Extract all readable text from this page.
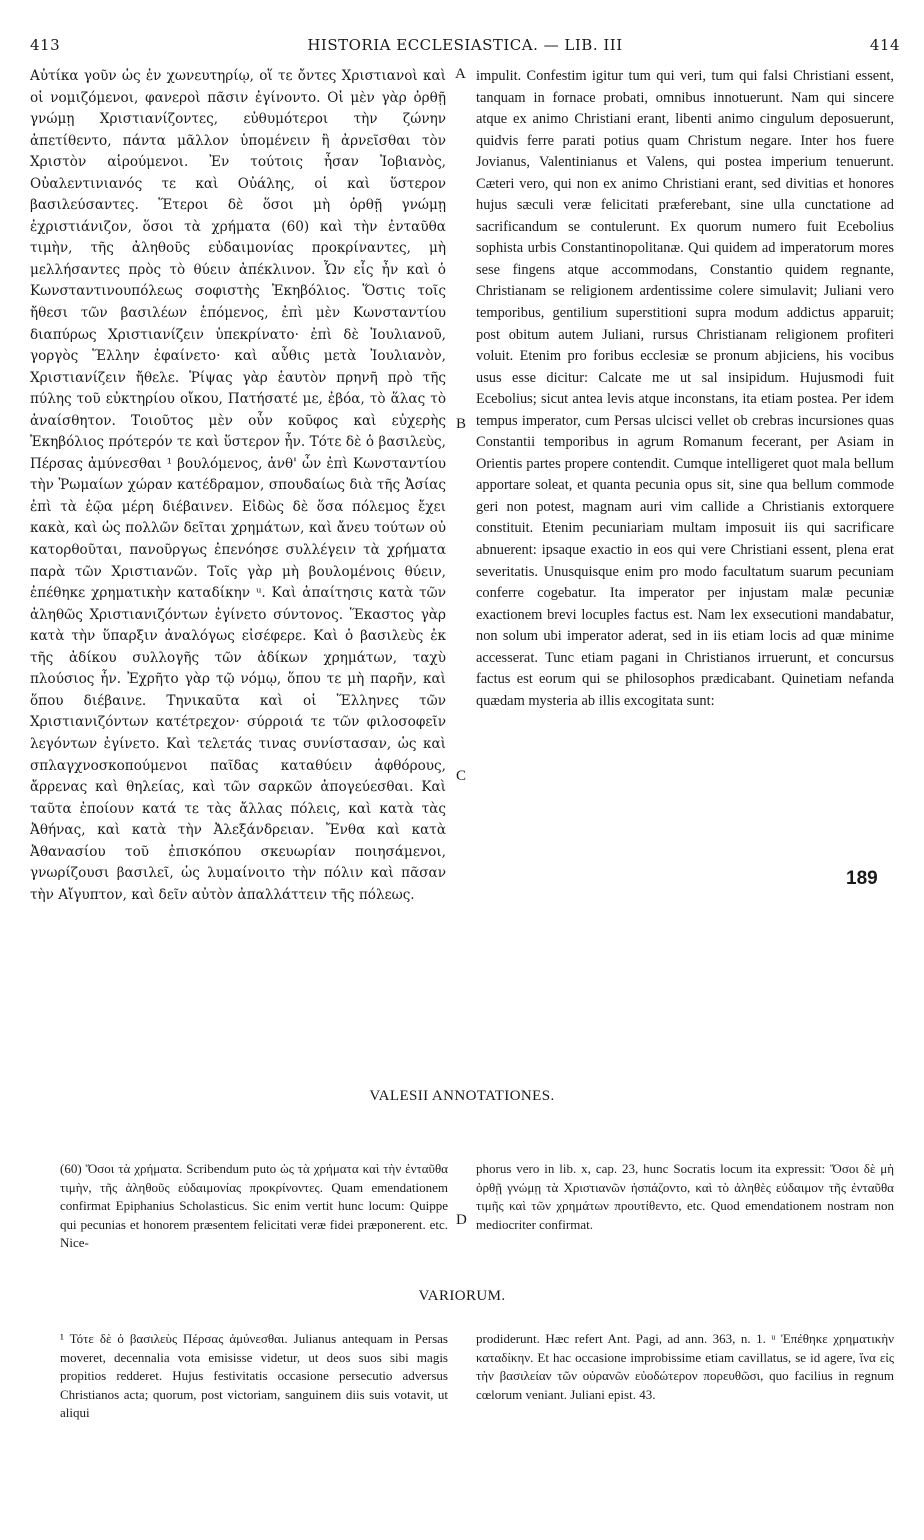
413	HISTORIA ECCLESIASTICA. — LIB. III	414

Αὐτίκα γοῦν ὡς ἐν χωνευτηρίῳ, οἵ τε ὄντες Χριστιανοὶ καὶ οἱ νομιζόμενοι, φανεροὶ πᾶσιν ἐγίνοντο. Οἱ μὲν γὰρ ὀρθῇ γνώμῃ Χριστιανίζοντες, εὐθυμότεροι τὴν ζώνην ἀπετίθεντο, πάντα μᾶλλον ὑπομένειν ἢ ἀρνεῖσθαι τὸν Χριστὸν αἱρούμενοι. Ἐν τούτοις ἦσαν Ἰοβιανὸς, Οὐαλεντινιανός τε καὶ Οὐάλης, οἱ καὶ ὕστερον βασιλεύσαντες. Ἕτεροι δὲ ὅσοι μὴ ὀρθῇ γνώμῃ ἐχριστιάνιζον, ὅσοι τὰ χρήματα (60) καὶ τὴν ἐνταῦθα τιμὴν, τῆς ἀληθοῦς εὐδαιμονίας προκρίναντες, μὴ μελλήσαντες πρὸς τὸ θύειν ἀπέκλινον. Ὧν εἷς ἦν καὶ ὁ Κωνσταντινουπόλεως σοφιστὴς Ἐκηβόλιος. Ὅστις τοῖς ἤθεσι τῶν βασιλέων ἑπόμενος, ἐπὶ μὲν Κωνσταντίου διαπύρως Χριστιανίζειν ὑπεκρίνατο· ἐπὶ δὲ Ἰουλιανοῦ, γοργὸς Ἕλλην ἐφαίνετο· καὶ αὖθις μετὰ Ἰουλιανὸν, Χριστιανίζειν ἤθελε. Ῥίψας γὰρ ἑαυτὸν πρηνῆ πρὸ τῆς πύλης τοῦ εὐκτηρίου οἴκου, Πατήσατέ με, ἐβόα, τὸ ἅλας τὸ ἀναίσθητον. Τοιοῦτος μὲν οὖν κοῦφος καὶ εὐχερὴς Ἐκηβόλιος πρότερόν τε καὶ ὕστερον ἦν. Τότε δὲ ὁ βασιλεὺς, Πέρσας ἀμύνεσθαι ¹ βουλόμενος, ἀνθ' ὧν ἐπὶ Κωνσταντίου τὴν Ῥωμαίων χώραν κατέδραμον, σπουδαίως διὰ τῆς Ἀσίας ἐπὶ τὰ ἑῷα μέρη διέβαινεν. Εἰδὼς δὲ ὅσα πόλεμος ἔχει κακὰ, καὶ ὡς πολλῶν δεῖται χρημάτων, καὶ ἄνευ τούτων οὐ κατορθοῦται, πανοῦργως ἐπενόησε συλλέγειν τὰ χρήματα παρὰ τῶν Χριστιανῶν. Τοῖς γὰρ μὴ βουλομένοις θύειν, ἐπέθηκε χρηματικὴν καταδίκην ᵘ. Καὶ ἀπαίτησις κατὰ τῶν ἀληθῶς Χριστιανιζόντων ἐγίνετο σύντονος. Ἕκαστος γὰρ κατὰ τὴν ὕπαρξιν ἀναλόγως εἰσέφερε. Καὶ ὁ βασιλεὺς ἐκ τῆς ἀδίκου συλλογῆς τῶν ἀδίκων χρημάτων, ταχὺ πλούσιος ἦν. Ἐχρῆτο γὰρ τῷ νόμῳ, ὅπου τε μὴ παρῆν, καὶ ὅπου διέβαινε. Τηνικαῦτα καὶ οἱ Ἕλληνες τῶν Χριστιανιζόντων κατέτρεχον· σύρροιά τε τῶν φιλοσοφεῖν λεγόντων ἐγίνετο. Καὶ τελετάς τινας συνίστασαν, ὡς καὶ σπλαγχνοσκοπούμενοι παῖδας καταθύειν ἀφθόρους, ἄρρενας καὶ θηλείας, καὶ τῶν σαρκῶν ἀπογεύεσθαι. Καὶ ταῦτα ἐποίουν κατά τε τὰς ἄλλας πόλεις, καὶ κατὰ τὰς Ἀθήνας, καὶ κατὰ τὴν Ἀλεξάνδρειαν. Ἔνθα καὶ κατὰ Ἀθανασίου τοῦ ἐπισκόπου σκευωρίαν ποιησάμενοι, γνωρίζουσι βασιλεῖ, ὡς λυμαίνοιτο τὴν πόλιν καὶ πᾶσαν τὴν Αἴγυπτον, καὶ δεῖν αὐτὸν ἀπαλλάττειν τῆς πόλεως.

A
B
C
D

impulit. Confestim igitur tum qui veri, tum qui falsi Christiani essent, tanquam in fornace probati, omnibus innotuerunt. Nam qui sincere atque ex animo Christiani erant, libenti animo cingulum deposuerunt, quidvis ferre parati potius quam Christum negare. Inter hos fuere Jovianus, Valentinianus et Valens, qui postea imperium tenuerunt. Cæteri vero, qui non ex animo Christiani erant, sed divitias et honores hujus sæculi veræ felicitati præferebant, sine ulla cunctatione ad sacrificandum se contulerunt. Ex quorum numero fuit Ecebolius sophista urbis Constantinopolitanæ. Qui quidem ad imperatorum mores sese fingens atque accommodans, Constantio quidem regnante, Christianam se religionem ardentissime colere simulavit; Juliani vero temporibus, gentilium superstitioni supra modum addictus apparuit; post obitum autem Juliani, rursus Christianam religionem profiteri voluit. Etenim pro foribus ecclesiæ se pronum abjiciens, his vocibus usus esse dicitur: Calcate me ut sal insipidum. Hujusmodi fuit Ecebolius; sicut antea levis atque inconstans, ita etiam postea. Per idem tempus imperator, cum Persas ulcisci vellet ob crebras incursiones quas Constantii temporibus in agrum Romanum fecerant, per Asiam in Orientis partes propere contendit. Cumque intelligeret quot mala bellum apportare soleat, et quanta pecunia opus sit, sine qua bellum commode geri non potest, magnam auri vim callide a Christianis extorquere constituit. Etenim pecuniariam multam imposuit iis qui sacrificare abnuerent: ipsaque exactio in eos qui vere Christiani essent, plena erat severitatis. Unusquisque enim pro modo facultatum suarum pecuniam conferre cogebatur. Ita imperator per injustam malæ pecuniæ exactionem brevi locuples factus est. Nam lex exsecutioni mandabatur, non solum ubi imperator aderat, sed in iis etiam locis ad quæ minime accesserat. Tunc etiam pagani in Christianos irruerunt, et concursus factus est eorum qui se philosophos prædicabant. Quinetiam nefanda quædam mysteria ab illis excogitata sunt:

189
VALESII ANNOTATIONES.

(60) Ὅσοι τὰ χρήματα. Scribendum puto ὡς τὰ χρήματα καὶ τὴν ἐνταῦθα τιμὴν, τῆς ἀληθοῦς εὐδαιμονίας προκρίνοντες. Quam emendationem confirmat Epiphanius Scholasticus. Sic enim vertit hunc locum: Quippe qui pecunias et honorem præsentem felicitati veræ fidei præponerent. etc. Nice-

phorus vero in lib. x, cap. 23, hunc Socratis locum ita expressit: Ὅσοι δὲ μὴ ὀρθῇ γνώμῃ τὰ Χριστιανῶν ἠσπάζοντο, καὶ τὸ ἀληθὲς εὐδαιμον τῆς ἐνταῦθα τιμῆς καὶ τῶν χρημάτων προυτίθεντο, etc. Quod emendationem nostram non mediocriter confirmat.

VARIORUM.

¹ Τότε δὲ ὁ βασιλεὺς Πέρσας ἀμύνεσθαι. Julianus antequam in Persas moveret, decennalia vota emisisse videtur, ut deos suos sibi magis propitios redderet. Hujus festivitatis occasione persecutio adversus Christianos acta; quorum, post victoriam, sanguinem diis suis votavit, ut aliqui

prodiderunt. Hæc refert Ant. Pagi, ad ann. 363, n. 1. ᵘ Ἐπέθηκε χρηματικὴν καταδίκην. Et hac occasione improbissime etiam cavillatus, se id agere, ἵνα εἰς τὴν βασιλείαν τῶν οὐρανῶν εὐοδώτερον πορευθῶσι, quo facilius in regnum cœlorum veniant. Juliani epist. 43.
